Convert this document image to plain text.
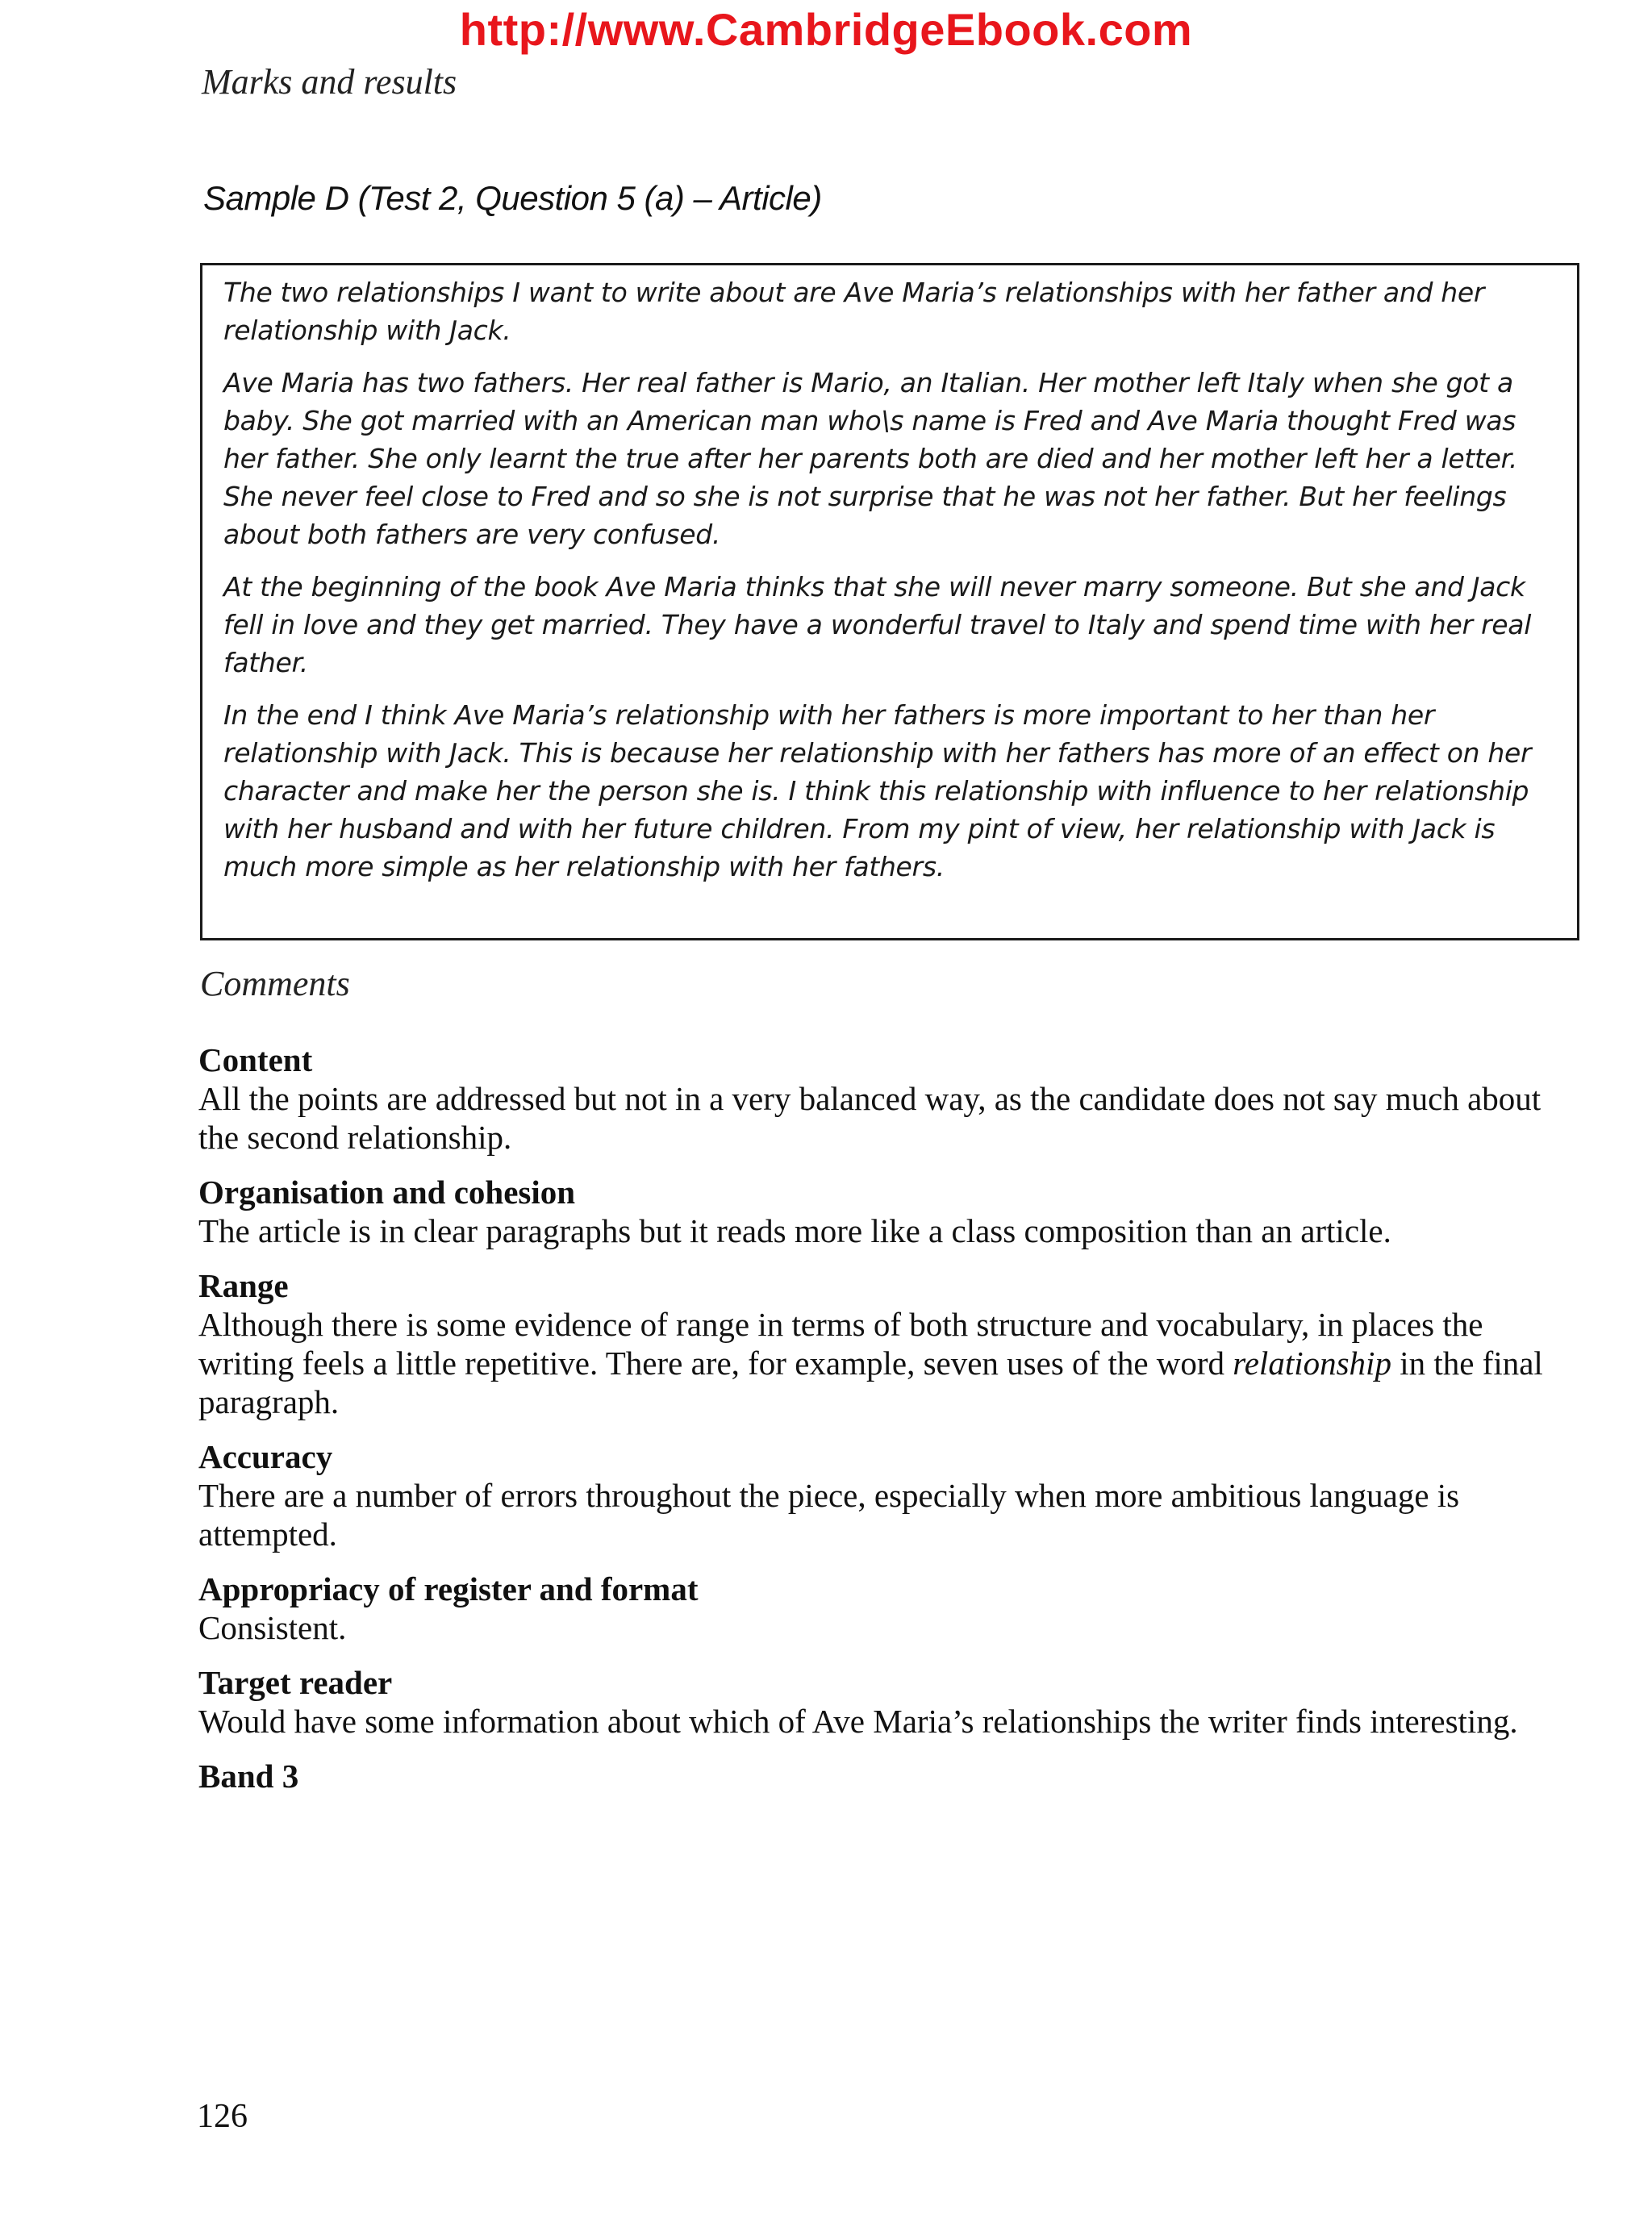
http://www.CambridgeEbook.com
Marks and results
Sample D (Test 2, Question 5 (a) – Article)

The two relationships I want to write about are Ave Maria’s relationships with her father and her relationship with Jack.

Ave Maria has two fathers. Her real father is Mario, an Italian. Her mother left Italy when she got a baby. She got married with an American man who\s name is Fred and Ave Maria thought Fred was her father. She only learnt the true after her parents both are died and her mother left her a letter. She never feel close to Fred and so she is not surprise that he was not her father. But her feelings about both fathers are very confused.

At the beginning of the book Ave Maria thinks that she will never marry someone. But she and Jack fell in love and they get married. They have a wonderful travel to Italy and spend time with her real father.

In the end I think Ave Maria’s relationship with her fathers is more important to her than her relationship with Jack. This is because her relationship with her fathers has more of an effect on her character and make her the person she is. I think this relationship with influence to her relationship with her husband and with her future children. From my pint of view, her relationship with Jack is much more simple as her relationship with her fathers.

Comments
Content
All the points are addressed but not in a very balanced way, as the candidate does not say much about the second relationship.
Organisation and cohesion
The article is in clear paragraphs but it reads more like a class composition than an article.
Range
Although there is some evidence of range in terms of both structure and vocabulary, in places the writing feels a little repetitive. There are, for example, seven uses of the word relationship in the final paragraph.
Accuracy
There are a number of errors throughout the piece, especially when more ambitious language is attempted.
Appropriacy of register and format
Consistent.
Target reader
Would have some information about which of Ave Maria’s relationships the writer finds interesting.
Band 3
126
